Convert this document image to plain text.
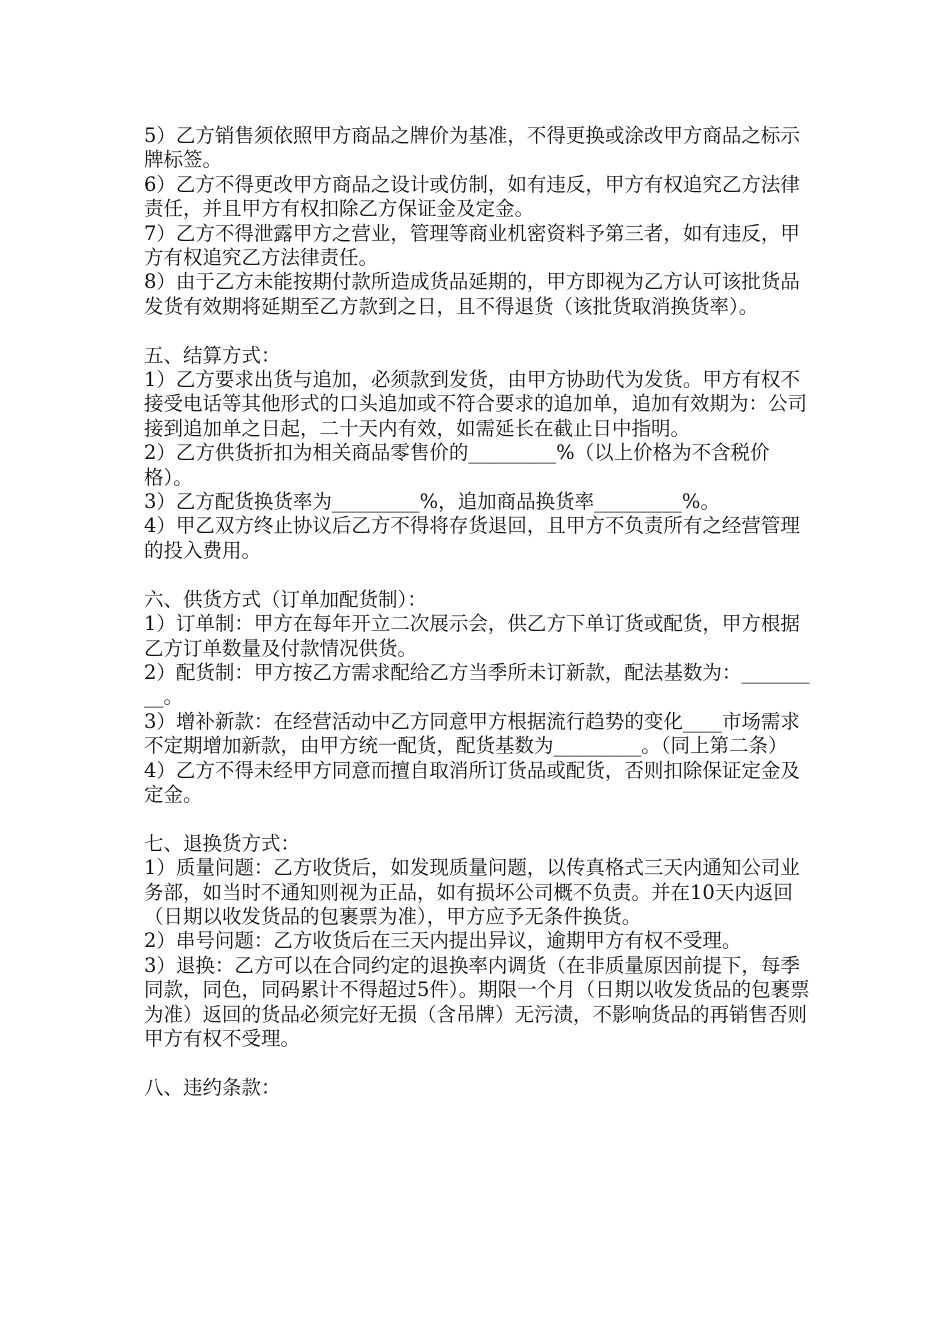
5）乙方销售须依照甲方商品之牌价为基准，不得更换或涂改甲方商品之标示牌标签。

6）乙方不得更改甲方商品之设计或仿制，如有违反，甲方有权追究乙方法律责任，并且甲方有权扣除乙方保证金及定金。

7）乙方不得泄露甲方之营业，管理等商业机密资料予第三者，如有违反，甲方有权追究乙方法律责任。

8）由于乙方未能按期付款所造成货品延期的，甲方即视为乙方认可该批货品发货有效期将延期至乙方款到之日，且不得退货（该批货取消换货率）。

五、结算方式：

1）乙方要求出货与追加，必须款到发货，由甲方协助代为发货。甲方有权不接受电话等其他形式的口头追加或不符合要求的追加单，追加有效期为：公司接到追加单之日起，二十天内有效，如需延长在截止日中指明。

2）乙方供货折扣为相关商品零售价的_________%（以上价格为不含税价格）。

3）乙方配货换货率为_________%，追加商品换货率_________%。

4）甲乙双方终止协议后乙方不得将存货退回，且甲方不负责所有之经营管理的投入费用。

六、供货方式（订单加配货制）：

1）订单制：甲方在每年开立二次展示会，供乙方下单订货或配货，甲方根据乙方订单数量及付款情况供货。

2）配货制：甲方按乙方需求配给乙方当季所未订新款，配法基数为：_________。

3）增补新款：在经营活动中乙方同意甲方根据流行趋势的变化____市场需求不定期增加新款，由甲方统一配货，配货基数为_________。（同上第二条）

4）乙方不得未经甲方同意而擅自取消所订货品或配货，否则扣除保证定金及定金。

七、退换货方式：

1）质量问题：乙方收货后，如发现质量问题，以传真格式三天内通知公司业务部，如当时不通知则视为正品，如有损坏公司概不负责。并在10天内返回（日期以收发货品的包裹票为准），甲方应予无条件换货。

2）串号问题：乙方收货后在三天内提出异议，逾期甲方有权不受理。

3）退换：乙方可以在合同约定的退换率内调货（在非质量原因前提下，每季同款，同色，同码累计不得超过5件）。期限一个月（日期以收发货品的包裹票为准）返回的货品必须完好无损（含吊牌）无污渍，不影响货品的再销售否则甲方有权不受理。

八、违约条款：
